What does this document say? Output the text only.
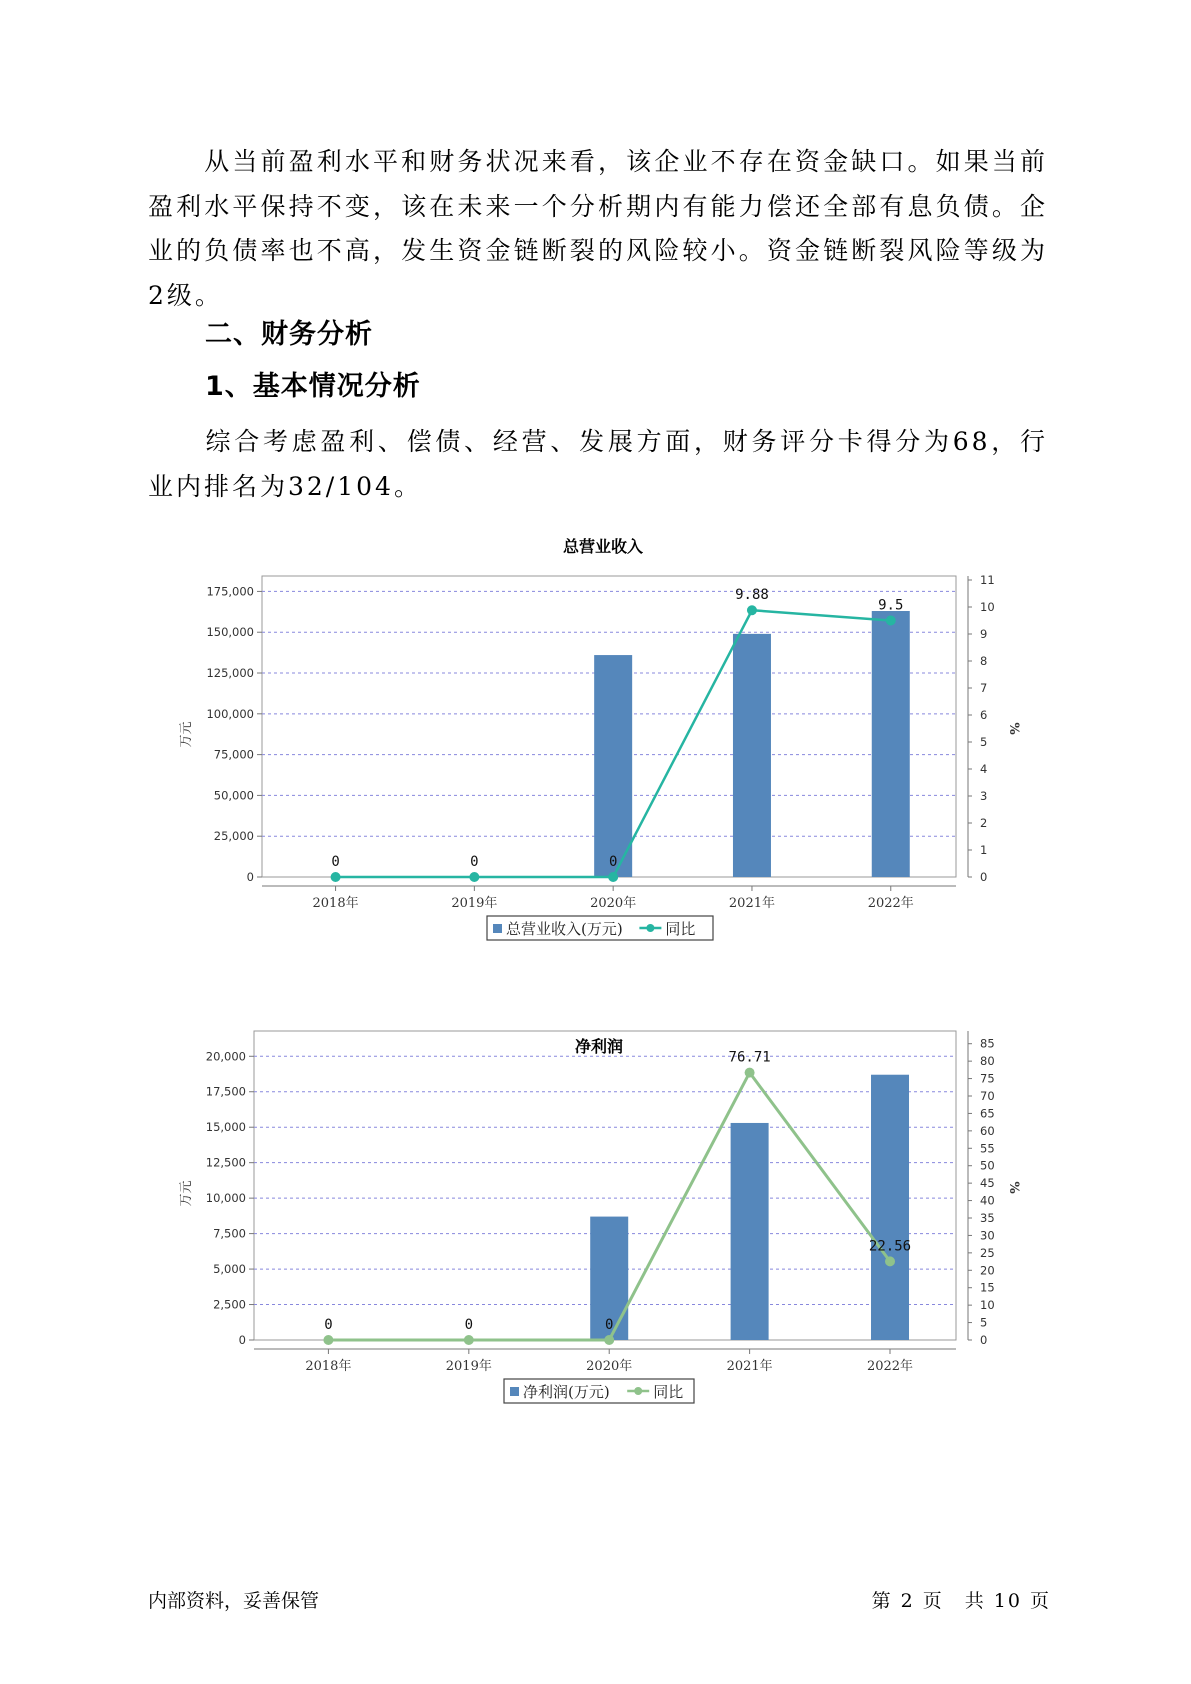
　　从当前盈利水平和财务状况来看，该企业不存在资金缺口。如果当前盈利水平保持不变，该在未来一个分析期内有能力偿还全部有息负债。企业的负债率也不高，发生资金链断裂的风险较小。资金链断裂风险等级为2级。

二、财务分析

1、基本情况分析

　　综合考虑盈利、偿债、经营、发展方面，财务评分卡得分为68，行业内排名为32/104。

总营业收入
0
25,000
50,000
75,000
100,000
125,000
150,000
175,000
0
1
2
3
4
5
6
7
8
9
10
11
万元	%
2018年	2019年	2020年	2021年	2022年
0	0	0
9.88
9.5
总营业收入(万元)	同比
净利润
0
2,500
5,000
7,500
10,000
12,500
15,000
17,500
20,000
0
5
10
15
20
25
30
35
40
45
50
55
60
65
70
75
80
85
万元	%
2018年	2019年	2020年	2021年	2022年
0	0	0
76.71
22.56
净利润(万元)	同比

内部资料，妥善保管	第 2 页　共 10 页
